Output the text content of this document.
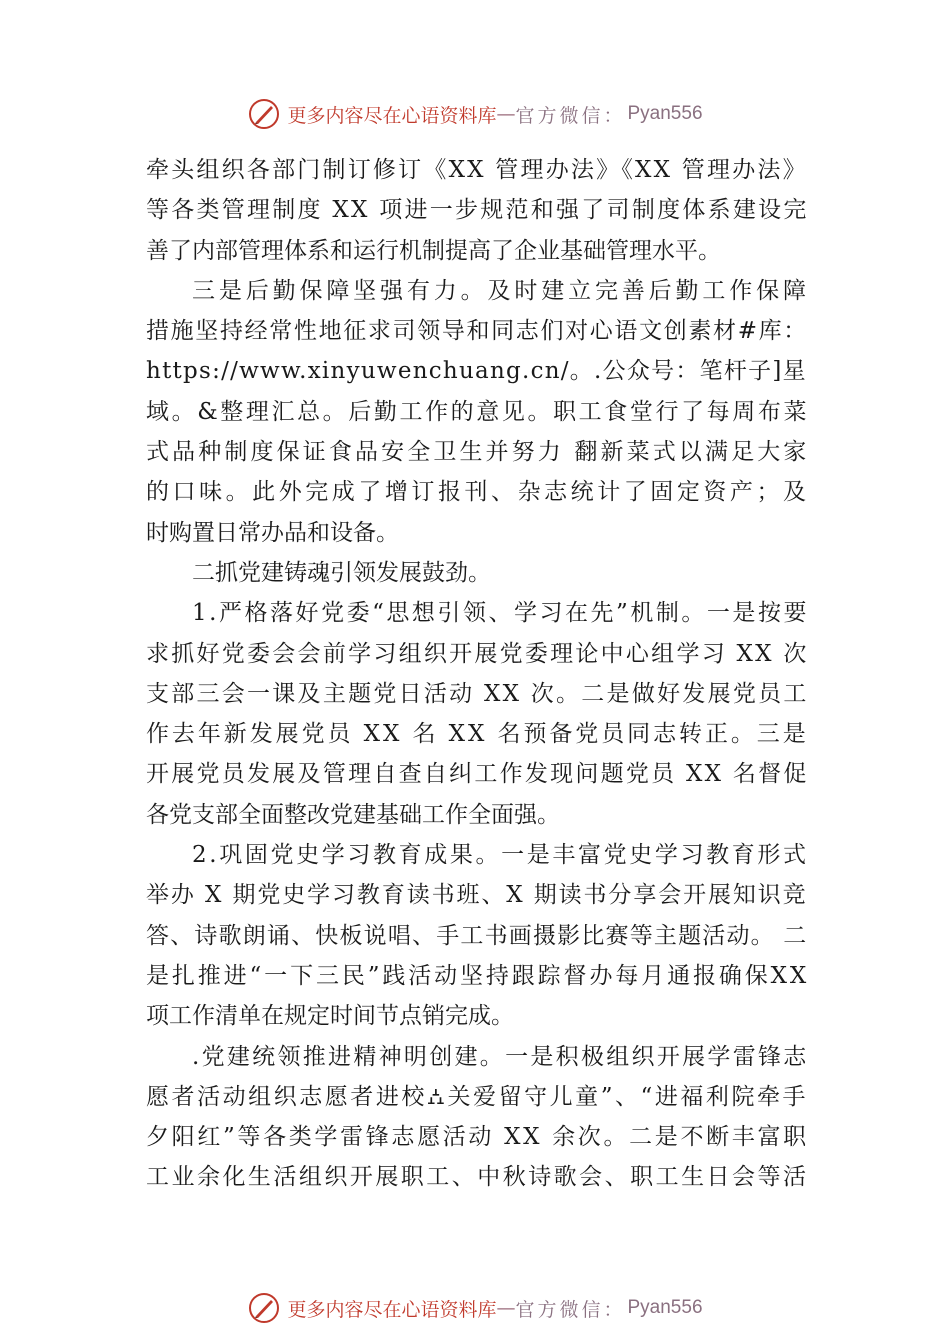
更多内容尽在心语资料库 — 官方微信： Pyan556
牵头组织各部门制订修订《XX 管理办法》《XX 管理办法》
等各类管理制度 XX 项进一步规范和强了司制度体系建设完
善了内部管理体系和运行机制提高了企业基础管理水平。
三是后勤保障坚强有力。及时建立完善后勤工作保障
措施坚持经常性地征求司领导和同志们对心语文创素材#库：
https://www.xinyuwenchuang.cn/。.公众号：笔杆子]星
域。&整理汇总。后勤工作的意见。职工食堂行了每周布菜
式品种制度保证食品安全卫生并努力 翻新菜式以满足大家
的口味。此外完成了增订报刊、杂志统计了固定资产；及
时购置日常办品和设备。
二抓党建铸魂引领发展鼓劲。
1.严格落好党委“思想引领、学习在先”机制。一是按要
求抓好党委会会前学习组织开展党委理论中心组学习 XX 次
支部三会一课及主题党日活动 XX 次。二是做好发展党员工
作去年新发展党员 XX 名 XX 名预备党员同志转正。三是
开展党员发展及管理自查自纠工作发现问题党员 XX 名督促
各党支部全面整改党建基础工作全面强。
2.巩固党史学习教育成果。一是丰富党史学习教育形式
举办 X 期党史学习教育读书班、X 期读书分享会开展知识竞
答、诗歌朗诵、快板说唱、手工书画摄影比赛等主题活动。 二
是扎推进“一下三民”践活动坚持跟踪督办每月通报确保XX
项工作清单在规定时间节点销完成。
.党建统领推进精神明创建。一是积极组织开展学雷锋志
愿者活动组织志愿者进校⛼关爱留守儿童”、“进福利院牵手
夕阳红”等各类学雷锋志愿活动 XX 余次。二是不断丰富职
工业余化生活组织开展职工、中秋诗歌会、职工生日会等活
更多内容尽在心语资料库 — 官方微信： Pyan556
